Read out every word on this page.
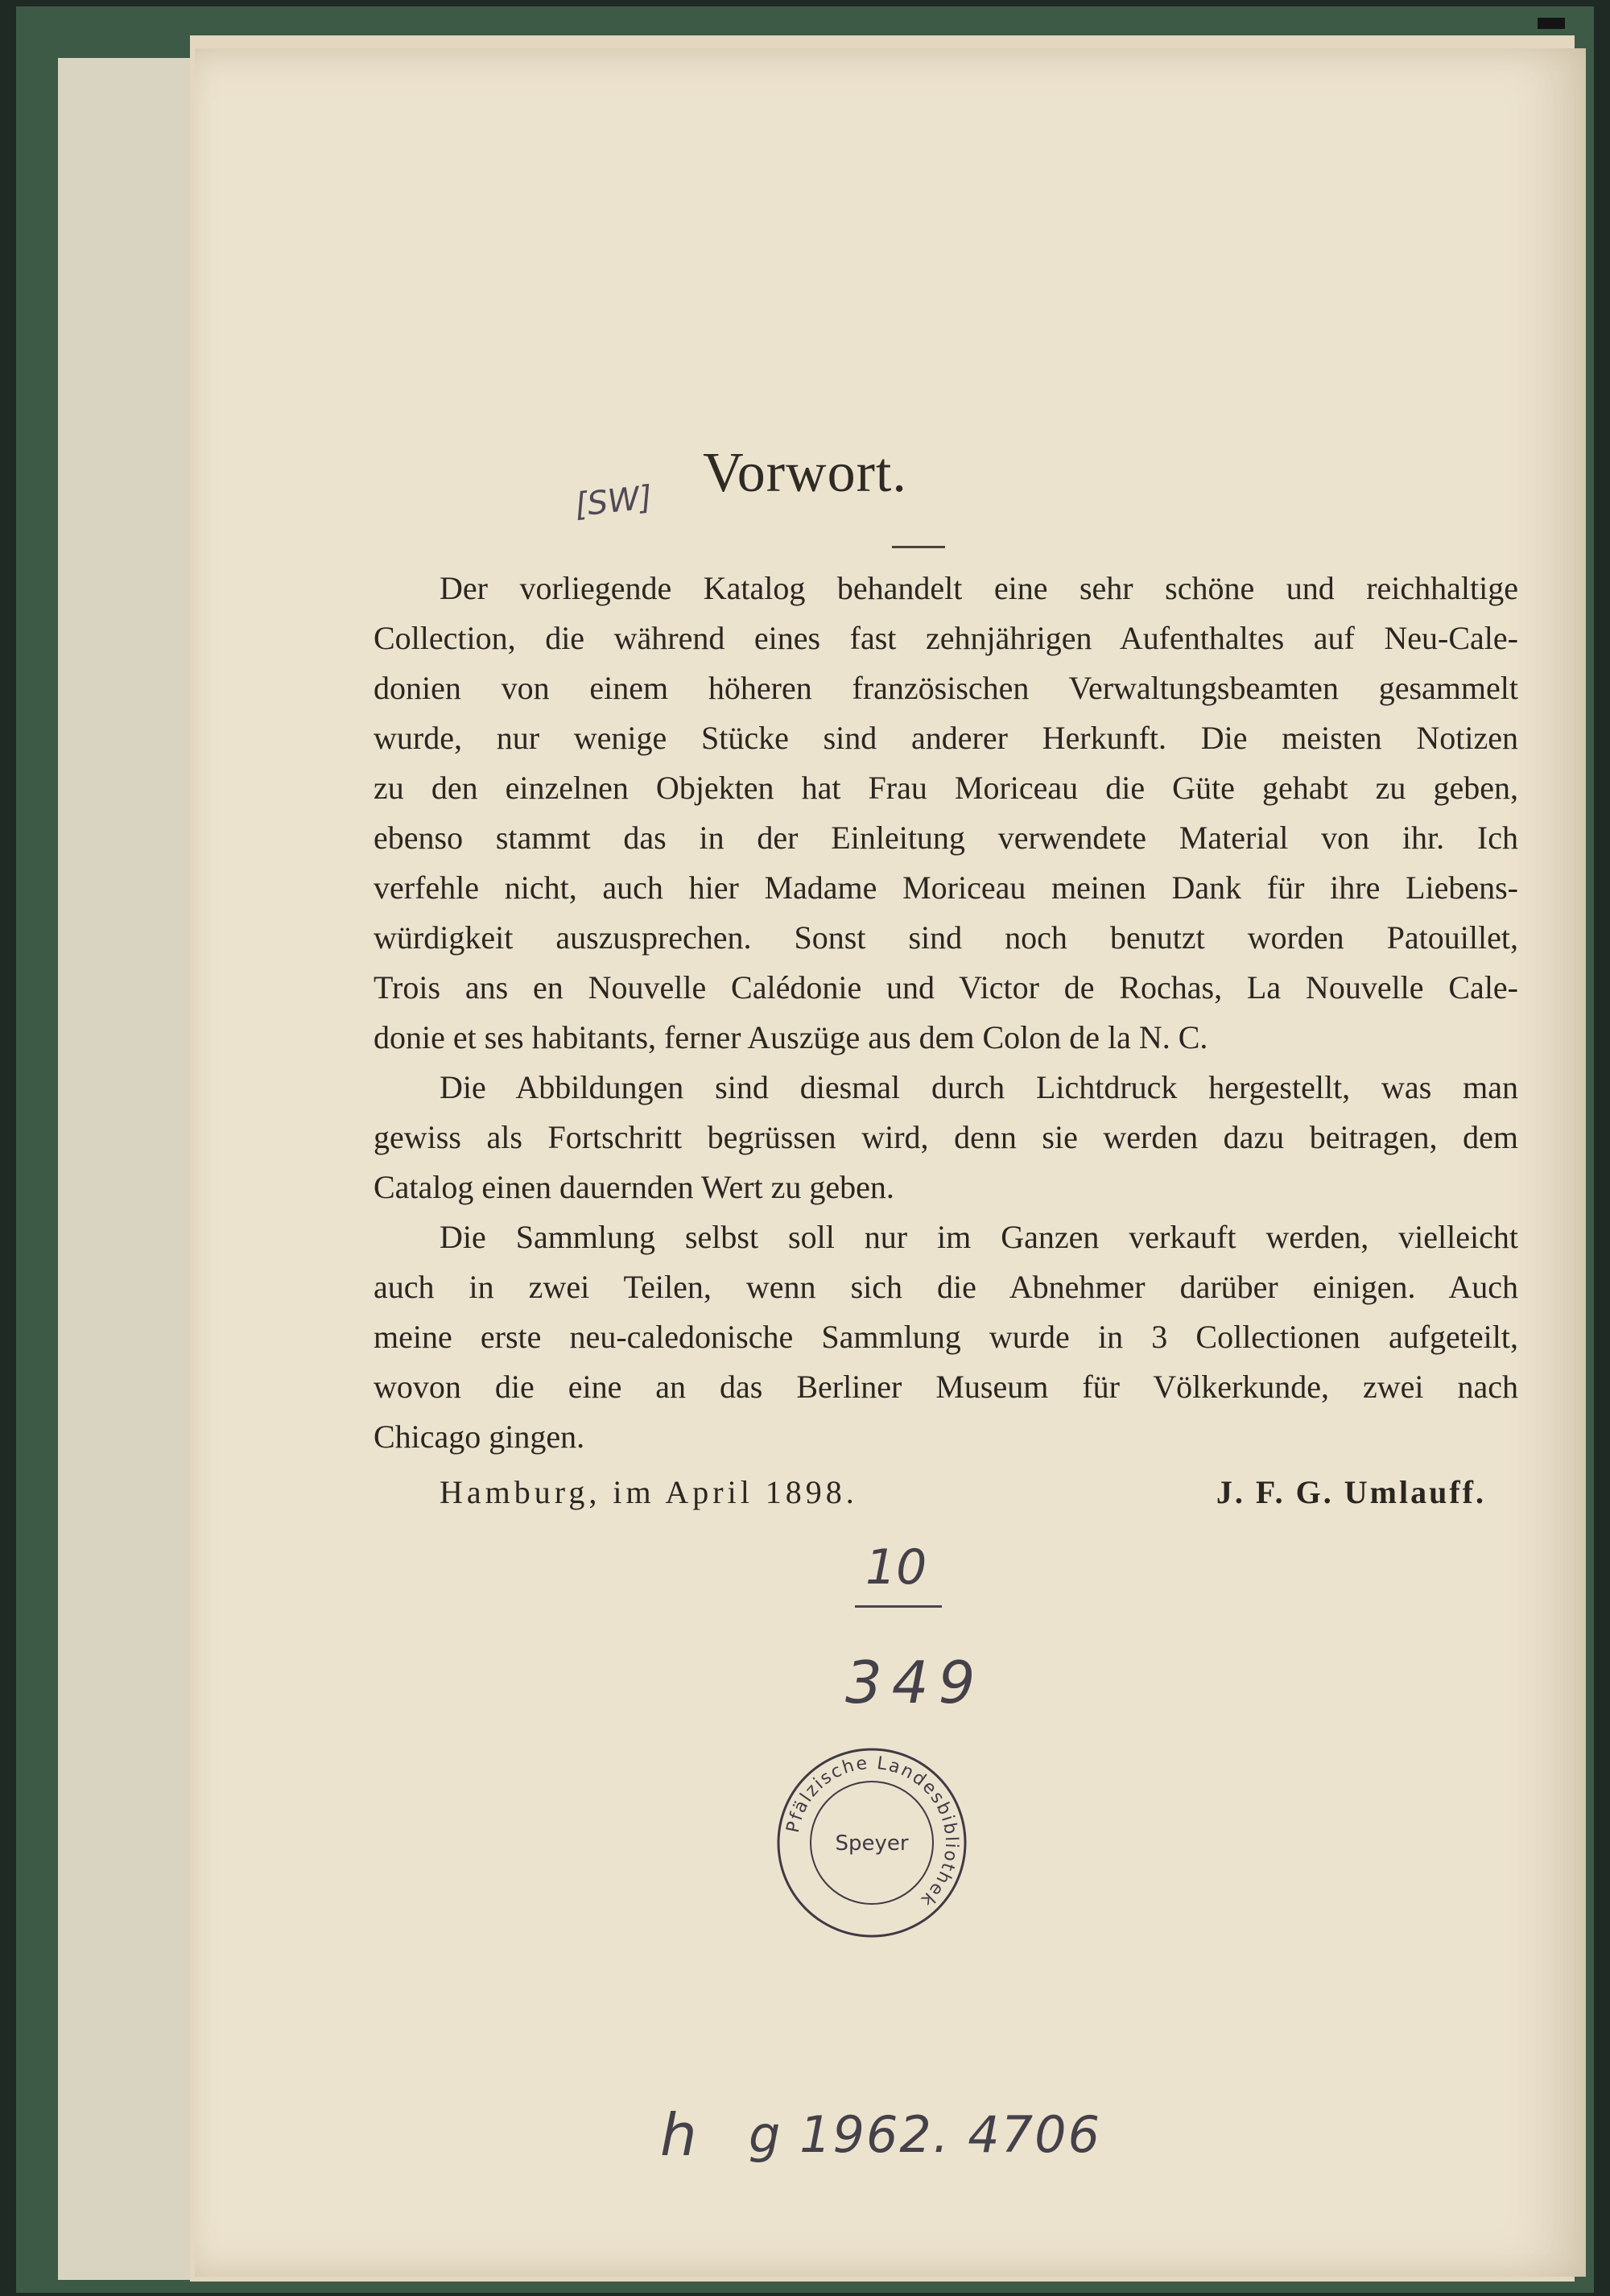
[SW] Vorwort.
Der vorliegende Katalog behandelt eine sehr schöne und reichhaltige
Collection, die während eines fast zehnjährigen Aufenthaltes auf Neu-Cale-
donien von einem höheren französischen Verwaltungsbeamten gesammelt
wurde, nur wenige Stücke sind anderer Herkunft. Die meisten Notizen
zu den einzelnen Objekten hat Frau Moriceau die Güte gehabt zu geben,
ebenso stammt das in der Einleitung verwendete Material von ihr. Ich
verfehle nicht, auch hier Madame Moriceau meinen Dank für ihre Liebens-
würdigkeit auszusprechen. Sonst sind noch benutzt worden Patouillet,
Trois ans en Nouvelle Calédonie und Victor de Rochas, La Nouvelle Cale-
donie et ses habitants, ferner Auszüge aus dem Colon de la N. C.
Die Abbildungen sind diesmal durch Lichtdruck hergestellt, was man
gewiss als Fortschritt begrüssen wird, denn sie werden dazu beitragen, dem
Catalog einen dauernden Wert zu geben.
Die Sammlung selbst soll nur im Ganzen verkauft werden, vielleicht
auch in zwei Teilen, wenn sich die Abnehmer darüber einigen. Auch
meine erste neu-caledonische Sammlung wurde in 3 Collectionen aufgeteilt,
wovon die eine an das Berliner Museum für Völkerkunde, zwei nach
Chicago gingen.
Hamburg, im April 1898.	J. F. G. Umlauff.
10
349
Pfälzische Landesbibliothek
Speyer
h g 1962. 4706
